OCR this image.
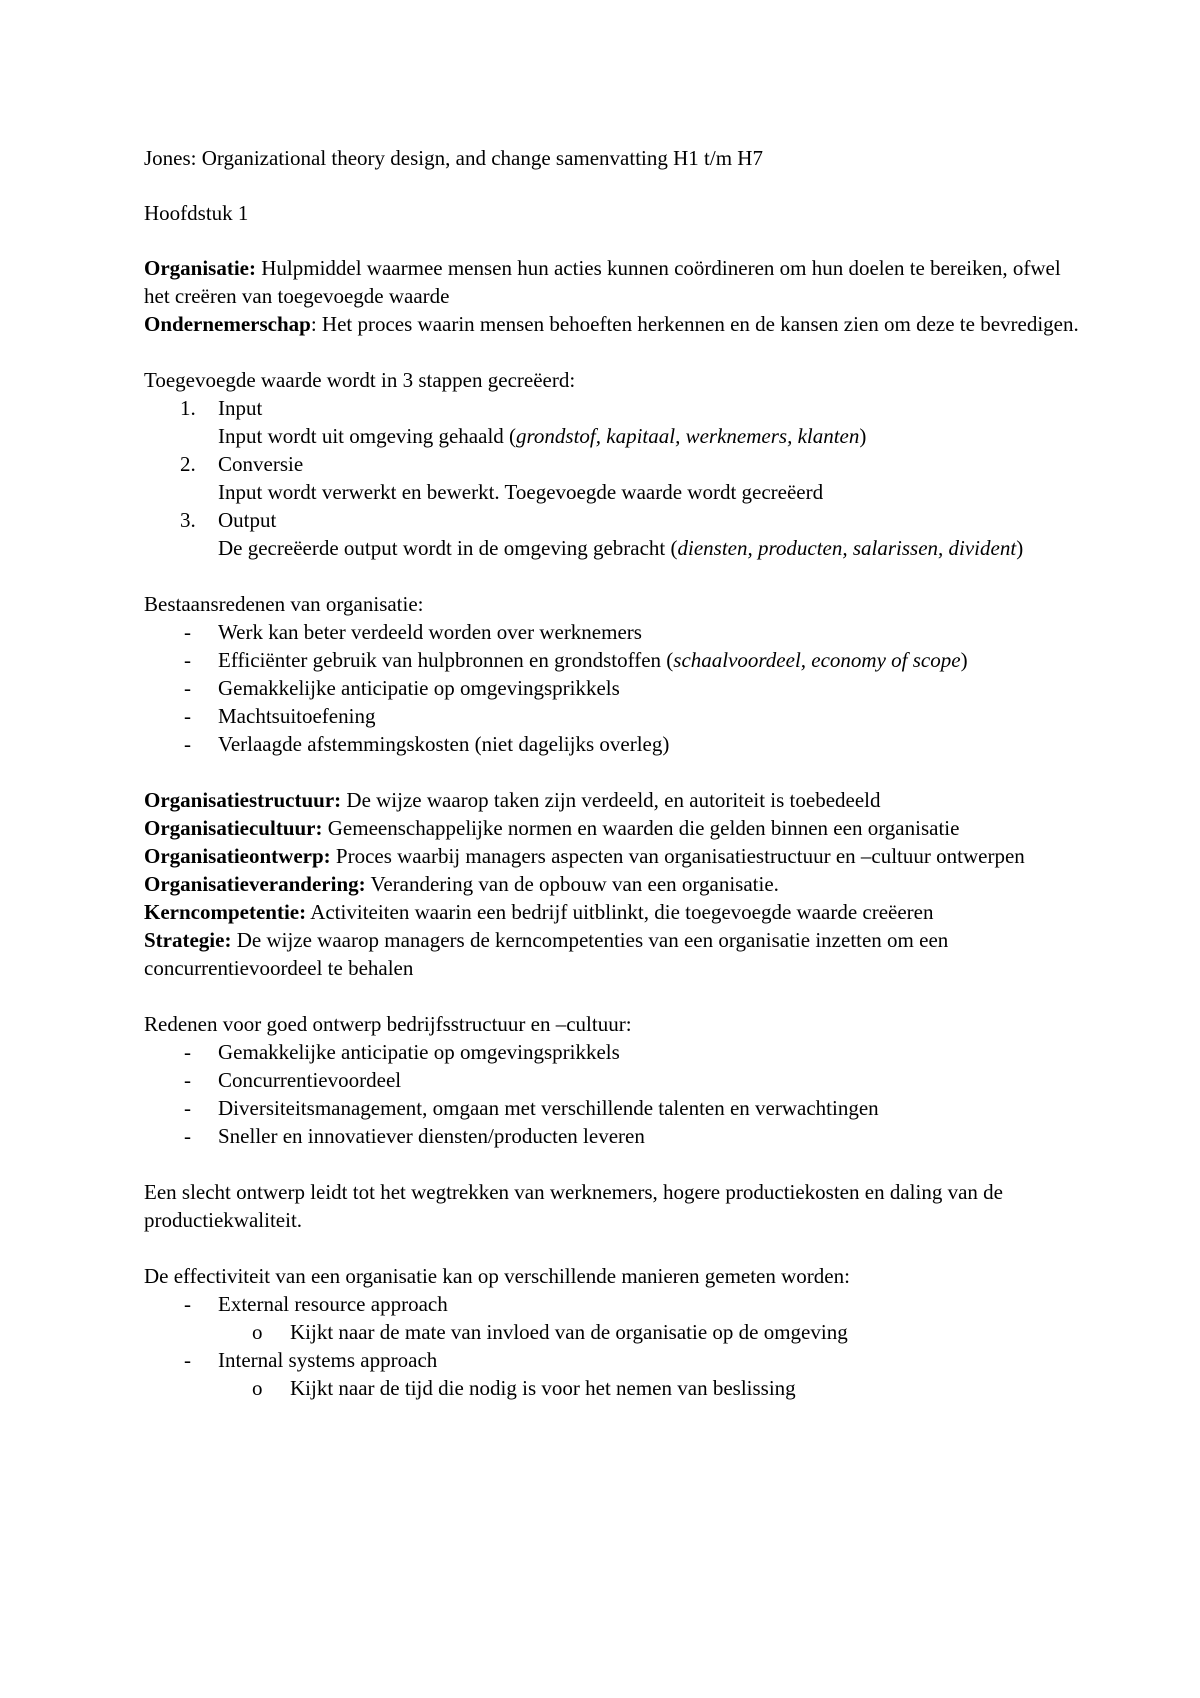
Jones: Organizational theory design, and change samenvatting H1 t/m H7

Hoofdstuk 1

Organisatie: Hulpmiddel waarmee mensen hun acties kunnen coördineren om hun doelen te bereiken, ofwel het creëren van toegevoegde waarde

Ondernemerschap: Het proces waarin mensen behoeften herkennen en de kansen zien om deze te bevredigen.

Toegevoegde waarde wordt in 3 stappen gecreëerd:

1. Input

Input wordt uit omgeving gehaald (grondstof, kapitaal, werknemers, klanten)

2. Conversie

Input wordt verwerkt en bewerkt. Toegevoegde waarde wordt gecreëerd

3. Output

De gecreëerde output wordt in de omgeving gebracht (diensten, producten, salarissen, divident)

Bestaansredenen van organisatie:

- Werk kan beter verdeeld worden over werknemers
- Efficiënter gebruik van hulpbronnen en grondstoffen (schaalvoordeel, economy of scope)
- Gemakkelijke anticipatie op omgevingsprikkels
- Machtsuitoefening
- Verlaagde afstemmingskosten (niet dagelijks overleg)

Organisatiestructuur: De wijze waarop taken zijn verdeeld, en autoriteit is toebedeeld

Organisatiecultuur: Gemeenschappelijke normen en waarden die gelden binnen een organisatie

Organisatieontwerp: Proces waarbij managers aspecten van organisatiestructuur en –cultuur ontwerpen

Organisatieverandering: Verandering van de opbouw van een organisatie.

Kerncompetentie: Activiteiten waarin een bedrijf uitblinkt, die toegevoegde waarde creëeren

Strategie: De wijze waarop managers de kerncompetenties van een organisatie inzetten om een concurrentievoordeel te behalen

Redenen voor goed ontwerp bedrijfsstructuur en –cultuur:

- Gemakkelijke anticipatie op omgevingsprikkels
- Concurrentievoordeel
- Diversiteitsmanagement, omgaan met verschillende talenten en verwachtingen
- Sneller en innovatiever diensten/producten leveren

Een slecht ontwerp leidt tot het wegtrekken van werknemers, hogere productiekosten en daling van de productiekwaliteit.

De effectiviteit van een organisatie kan op verschillende manieren gemeten worden:

- External resource approach
o Kijkt naar de mate van invloed van de organisatie op de omgeving
- Internal systems approach
o Kijkt naar de tijd die nodig is voor het nemen van beslissing
